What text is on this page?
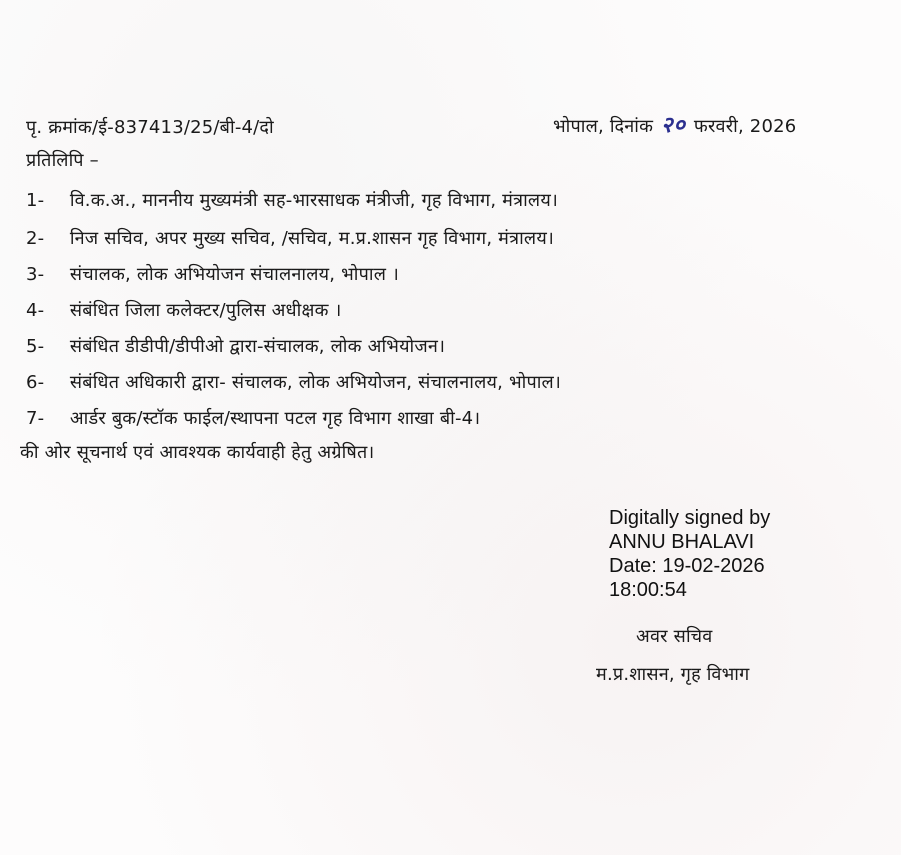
पृ. क्रमांक/ई-837413/25/बी-4/दो	भोपाल, दिनांक २० फरवरी, 2026
प्रतिलिपि –
1- वि.क.अ., माननीय मुख्यमंत्री सह-भारसाधक मंत्रीजी, गृह विभाग, मंत्रालय।
2- निज सचिव, अपर मुख्य सचिव, /सचिव, म.प्र.शासन गृह विभाग, मंत्रालय।
3- संचालक, लोक अभियोजन संचालनालय, भोपाल ।
4- संबंधित जिला कलेक्टर/पुलिस अधीक्षक ।
5- संबंधित डीडीपी/डीपीओ द्वारा-संचालक, लोक अभियोजन।
6- संबंधित अधिकारी द्वारा- संचालक, लोक अभियोजन, संचालनालय, भोपाल।
7- आर्डर बुक/स्टॉक फाईल/स्थापना पटल गृह विभाग शाखा बी-4।
की ओर सूचनार्थ एवं आवश्यक कार्यवाही हेतु अग्रेषित।
Digitally signed by
ANNU BHALAVI
Date: 19-02-2026
18:00:54
अवर सचिव
म.प्र.शासन, गृह विभाग
